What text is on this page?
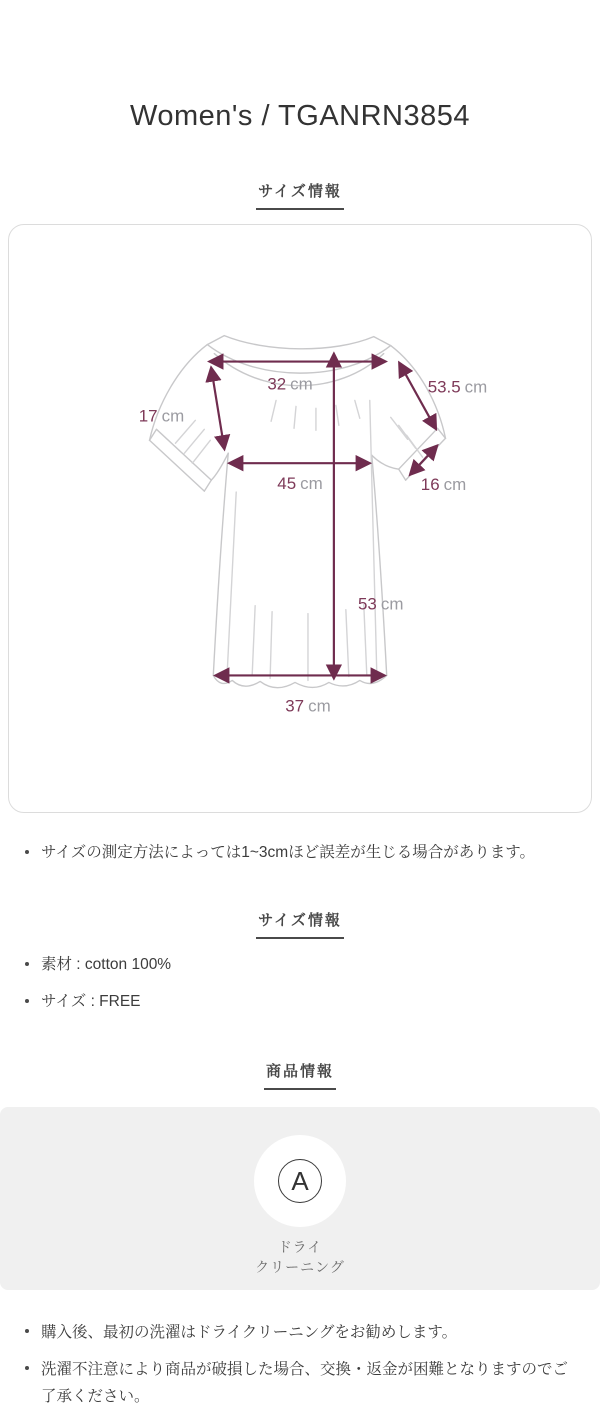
Women's / TGANRN3854
サイズ情報
32 cm
17 cm
53.5 cm
45 cm	16 cm
53 cm
37 cm
サイズの測定方法によっては1~3cmほど誤差が生じる場合があります。
サイズ情報
素材 : cotton 100%
サイズ : FREE
商品情報
A
ドライ
クリーニング
購入後、最初の洗濯はドライクリーニングをお勧めします。
洗濯不注意により商品が破損した場合、交換・返金が困難となりますのでご了承ください。
